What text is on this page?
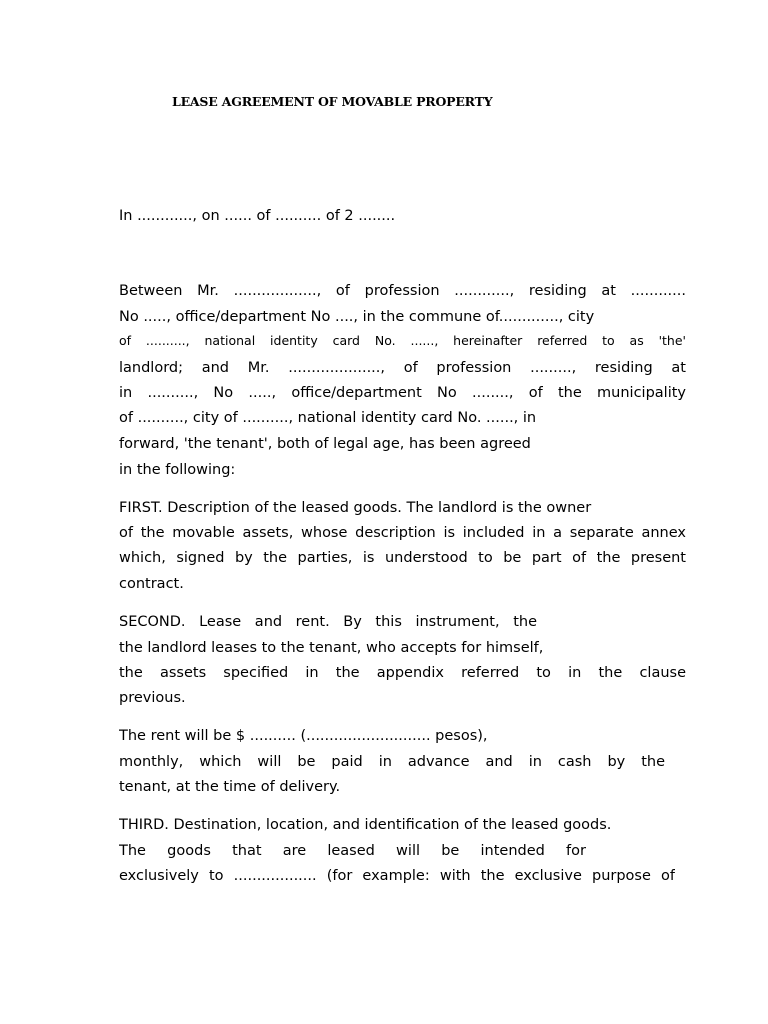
LEASE AGREEMENT OF MOVABLE PROPERTY
In ............, on ...... of .......... of 2 ........
Between Mr. .................., of profession ............, residing at ............
No ....., office/department No ...., in the commune of............., city
of .........., national identity card No. ......, hereinafter referred to as 'the'
landlord; and Mr. ...................., of profession ........., residing at
in .........., No ....., office/department No ........, of the municipality
of .........., city of .........., national identity card No. ......, in
forward, 'the tenant', both of legal age, has been agreed
in the following:
FIRST. Description of the leased goods. The landlord is the owner
of the movable assets, whose description is included in a separate annex
which, signed by the parties, is understood to be part of the present
contract.
SECOND. Lease and rent. By this instrument, the
the landlord leases to the tenant, who accepts for himself,
the assets specified in the appendix referred to in the clause
previous.
The rent will be $ .......... (........................... pesos),
monthly, which will be paid in advance and in cash by the
tenant, at the time of delivery.
THIRD. Destination, location, and identification of the leased goods.
The goods that are leased will be intended for
exclusively to .................. (for example: with the exclusive purpose of
